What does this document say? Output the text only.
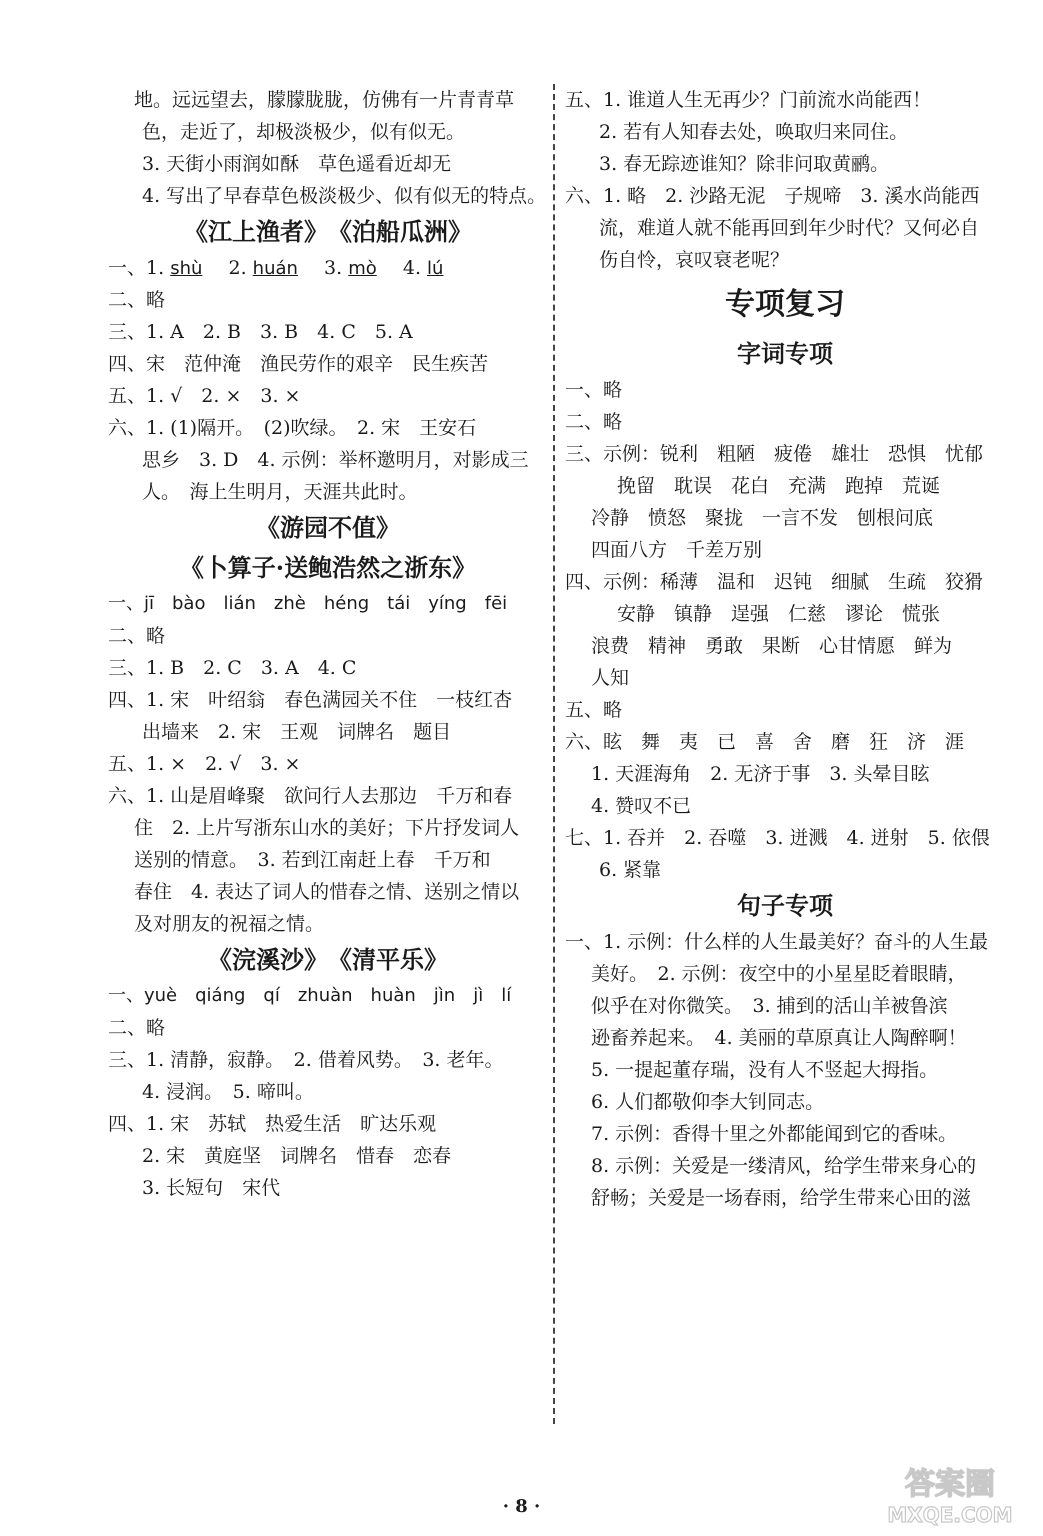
地。远远望去，朦朦胧胧，仿佛有一片青青草
色，走近了，却极淡极少，似有似无。
3. 天街小雨润如酥　草色遥看近却无
4. 写出了早春草色极淡极少、似有似无的特点。
《江上渔者》　《泊船瓜洲》
一、1. shù 2. huán 3. mò 4. lú
二、略
三、1. A　2. B　3. B　4. C　5. A
四、宋　范仲淹　渔民劳作的艰辛　民生疾苦
五、1. √　2. ×　3. ×
六、1. (1)隔开。　(2)吹绿。　2. 宋　王安石
思乡　3. D　4. 示例：举杯邀明月，对影成三
人。　海上生明月，天涯共此时。
《游园不值》
《卜算子·送鲍浩然之浙东》
一、jī　bào　lián　zhè　héng　tái　yíng　fēi
二、略
三、1. B　2. C　3. A　4. C
四、1. 宋　叶绍翁　春色满园关不住　一枝红杏
出墙来　2. 宋　王观　词牌名　题目
五、1. ×　2. √　3. ×
六、1. 山是眉峰聚　欲问行人去那边　千万和春
住　2. 上片写浙东山水的美好；下片抒发词人
送别的情意。　3. 若到江南赶上春　千万和
春住　4. 表达了词人的惜春之情、送别之情以
及对朋友的祝福之情。
《浣溪沙》　《清平乐》
一、yuè　qiáng　qí　zhuàn　huàn　jìn　jì　lí
二、略
三、1. 清静，寂静。　2. 借着风势。　3. 老年。
4. 浸润。　5. 啼叫。
四、1. 宋　苏轼　热爱生活　旷达乐观
2. 宋　黄庭坚　词牌名　惜春　恋春
3. 长短句　宋代
五、1. 谁道人生无再少？门前流水尚能西！
2. 若有人知春去处，唤取归来同住。
3. 春无踪迹谁知？除非问取黄鹂。
六、1. 略　2. 沙路无泥　子规啼　3. 溪水尚能西
流，难道人就不能再回到年少时代？又何必自
伤自怜，哀叹衰老呢？
专项复习
字词专项
一、略
二、略
三、示例：锐利　粗陋　疲倦　雄壮　恐惧　忧郁
挽留　耽误　花白　充满　跑掉　荒诞
冷静　愤怒　聚拢　一言不发　刨根问底
四面八方　千差万别
四、示例：稀薄　温和　迟钝　细腻　生疏　狡猾
安静　镇静　逞强　仁慈　谬论　慌张
浪费　精神　勇敢　果断　心甘情愿　鲜为
人知
五、略
六、眩　舞　夷　已　喜　舍　磨　狂　济　涯
1. 天涯海角　2. 无济于事　3. 头晕目眩
4. 赞叹不已
七、1. 吞并　2. 吞噬　3. 迸溅　4. 迸射　5. 依偎
6. 紧靠
句子专项
一、1. 示例：什么样的人生最美好？奋斗的人生最
美好。　2. 示例：夜空中的小星星眨着眼睛，
似乎在对你微笑。　3. 捕到的活山羊被鲁滨
逊畜养起来。　4. 美丽的草原真让人陶醉啊！
5. 一提起董存瑞，没有人不竖起大拇指。
6. 人们都敬仰李大钊同志。
7. 示例：香得十里之外都能闻到它的香味。
8. 示例：关爱是一缕清风，给学生带来身心的
舒畅；关爱是一场春雨，给学生带来心田的滋
· 8 ·
答案圈
MXQE.COM
